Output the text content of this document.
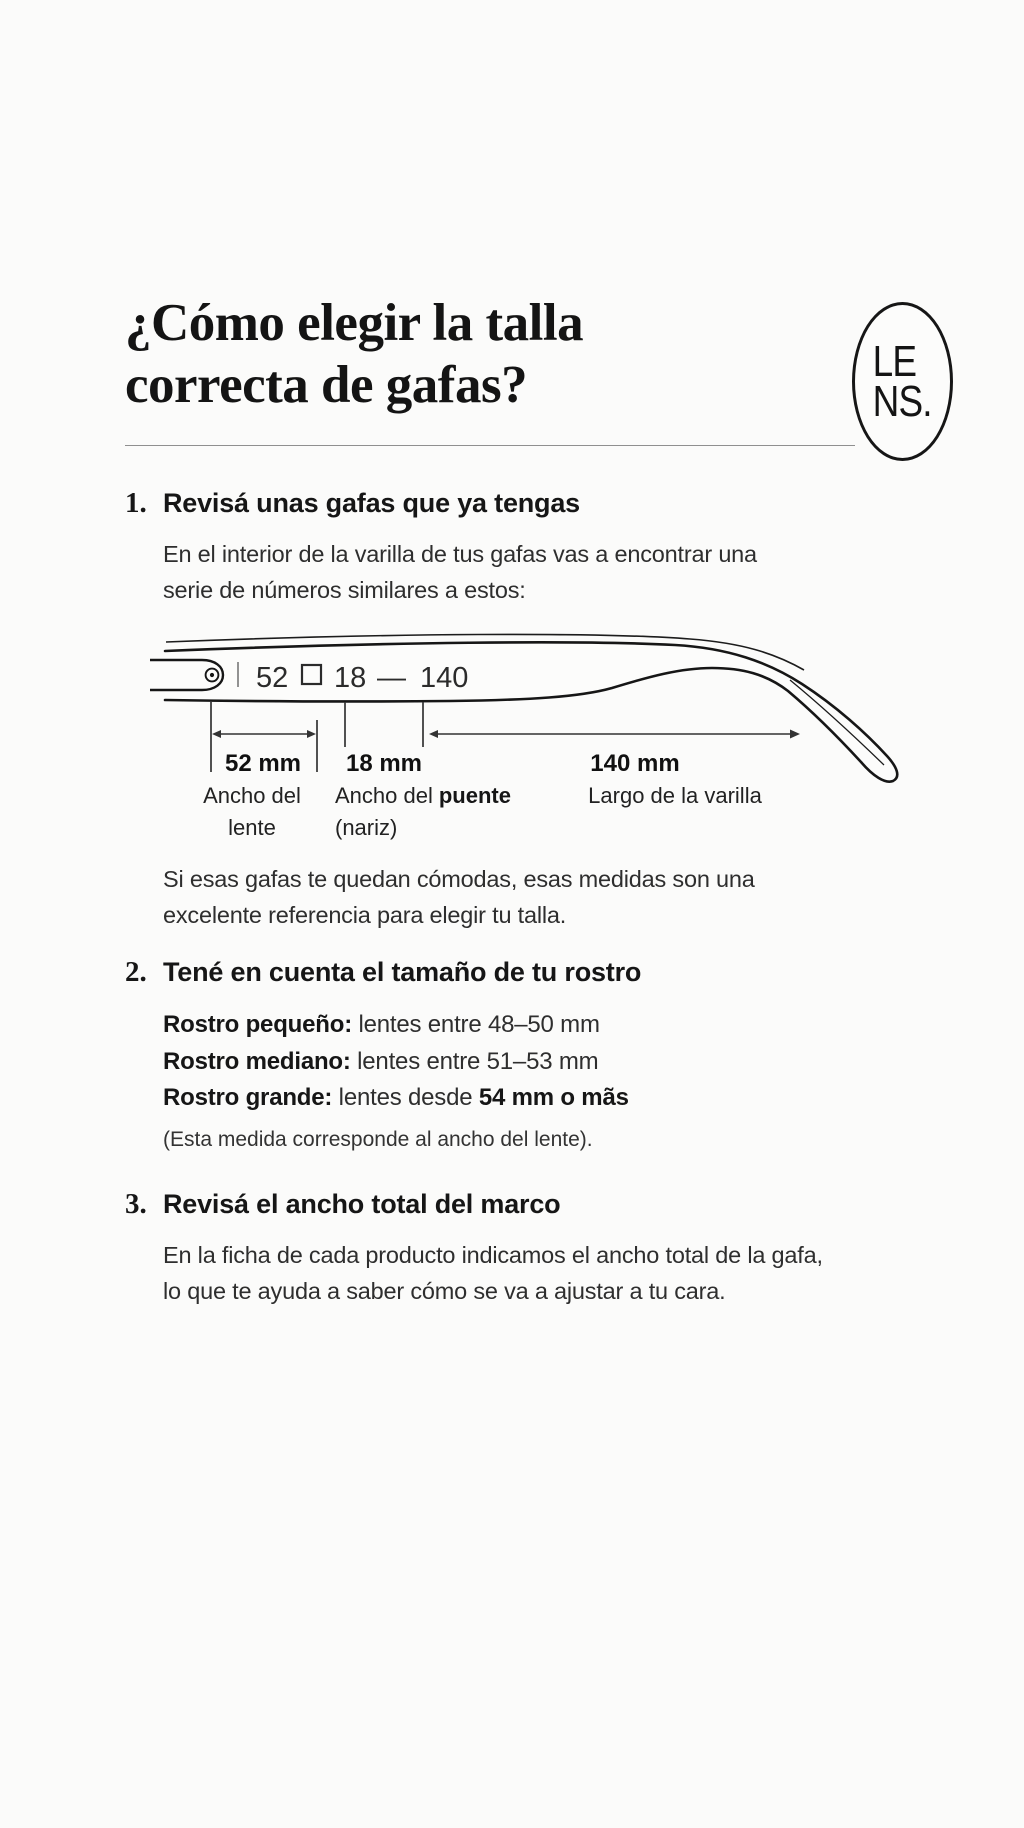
¿Cómo elegir la talla
correcta de gafas?	LE
NS.
1. Revisá unas gafas que ya tengas

En el interior de la varilla de tus gafas vas a encontrar una
serie de números similares a estos:

52 18 — 140
52 mm 18 mm	140 mm
Ancho del
lente
Ancho del puente
(nariz)
Largo de la varilla

Si esas gafas te quedan cómodas, esas medidas son una
excelente referencia para elegir tu talla.

2. Tené en cuenta el tamaño de tu rostro
Rostro pequeño: lentes entre 48–50 mm
Rostro mediano: lentes entre 51–53 mm
Rostro grande: lentes desde 54 mm o mãs

(Esta medida corresponde al ancho del lente).

3. Revisá el ancho total del marco

En la ficha de cada producto indicamos el ancho total de la gafa,
lo que te ayuda a saber cómo se va a ajustar a tu cara.
